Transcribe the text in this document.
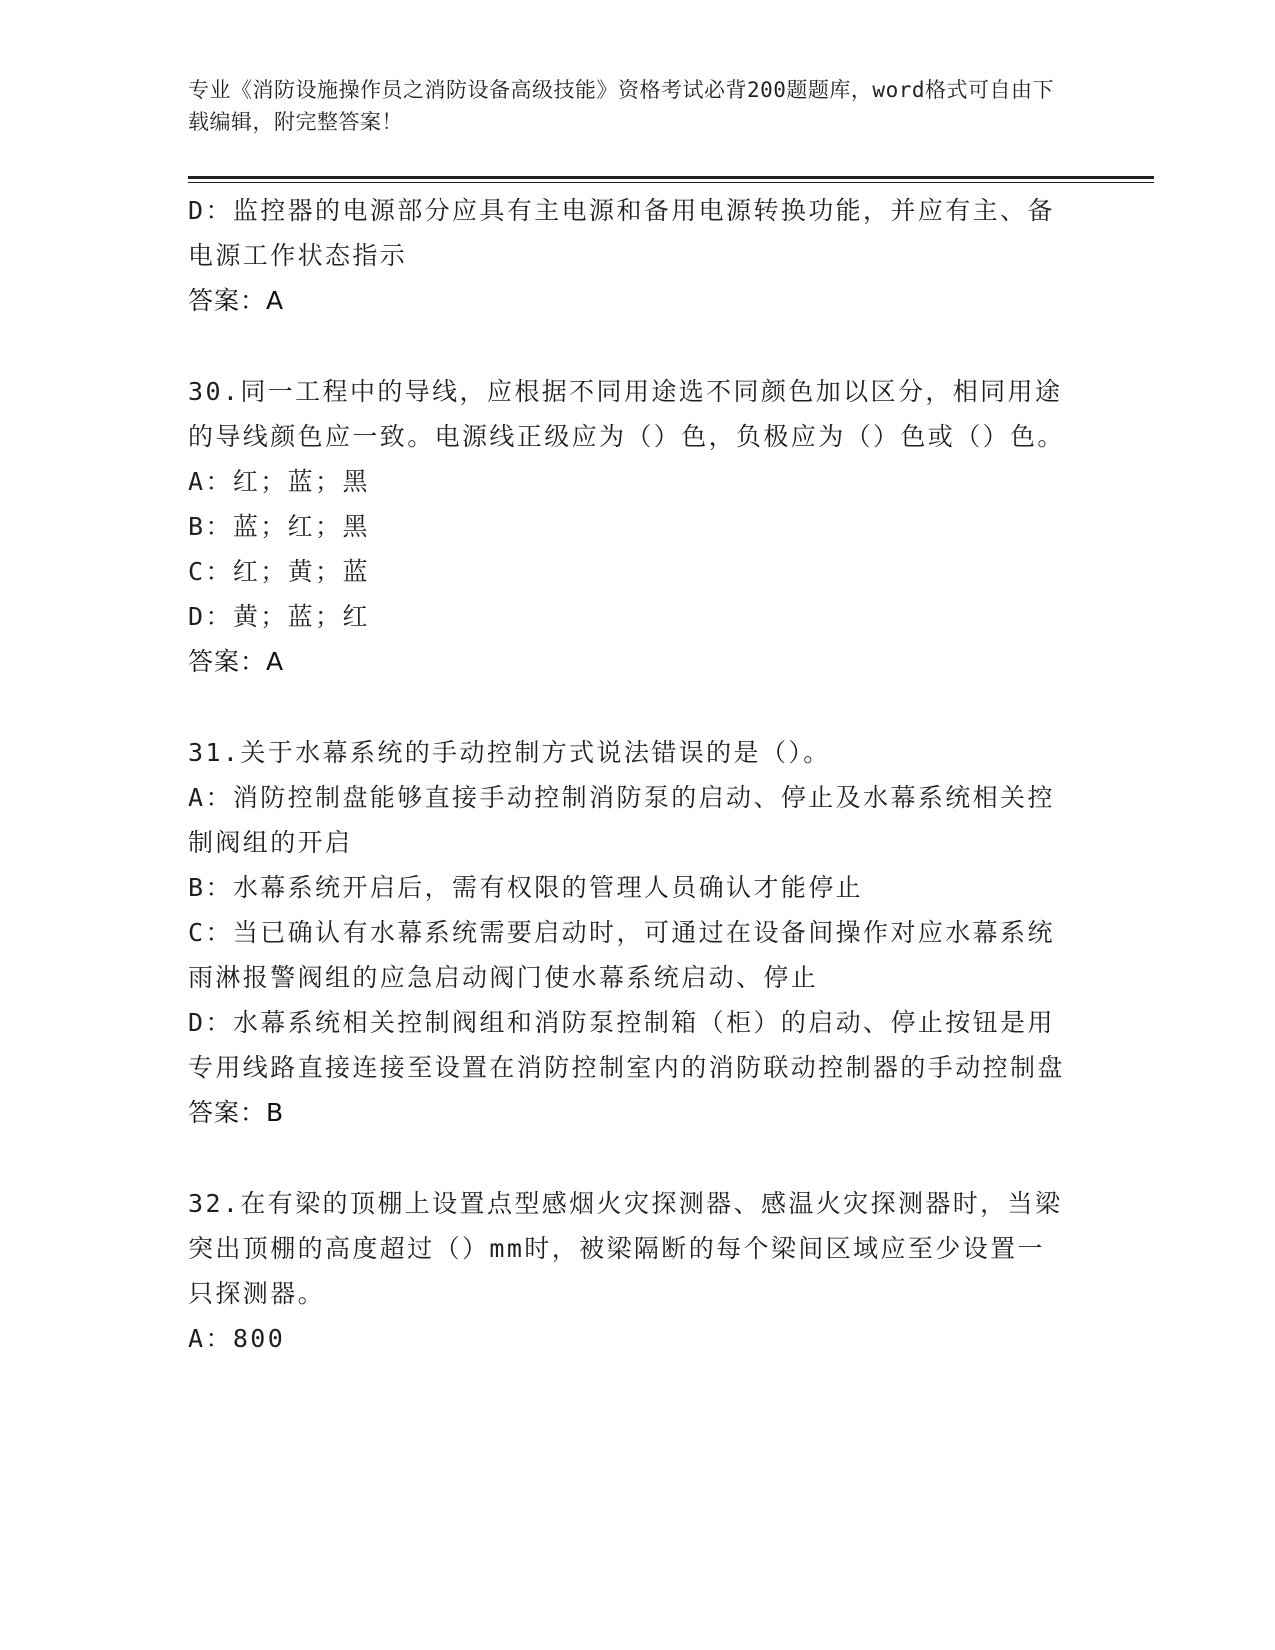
专业《消防设施操作员之消防设备高级技能》资格考试必背200题题库，word格式可自由下载编辑，附完整答案！

D：监控器的电源部分应具有主电源和备用电源转换功能，并应有主、备电源工作状态指示

答案：A

30.同一工程中的导线，应根据不同用途选不同颜色加以区分，相同用途的导线颜色应一致。电源线正级应为（）色，负极应为（）色或（）色。

A：红；蓝；黑

B：蓝；红；黑

C：红；黄；蓝

D：黄；蓝；红

答案：A

31.关于水幕系统的手动控制方式说法错误的是（）。

A：消防控制盘能够直接手动控制消防泵的启动、停止及水幕系统相关控制阀组的开启

B：水幕系统开启后，需有权限的管理人员确认才能停止

C：当已确认有水幕系统需要启动时，可通过在设备间操作对应水幕系统雨淋报警阀组的应急启动阀门使水幕系统启动、停止

D：水幕系统相关控制阀组和消防泵控制箱（柜）的启动、停止按钮是用专用线路直接连接至设置在消防控制室内的消防联动控制器的手动控制盘

答案：B

32.在有梁的顶棚上设置点型感烟火灾探测器、感温火灾探测器时，当梁突出顶棚的高度超过（）mm时，被梁隔断的每个梁间区域应至少设置一只探测器。

A：800
